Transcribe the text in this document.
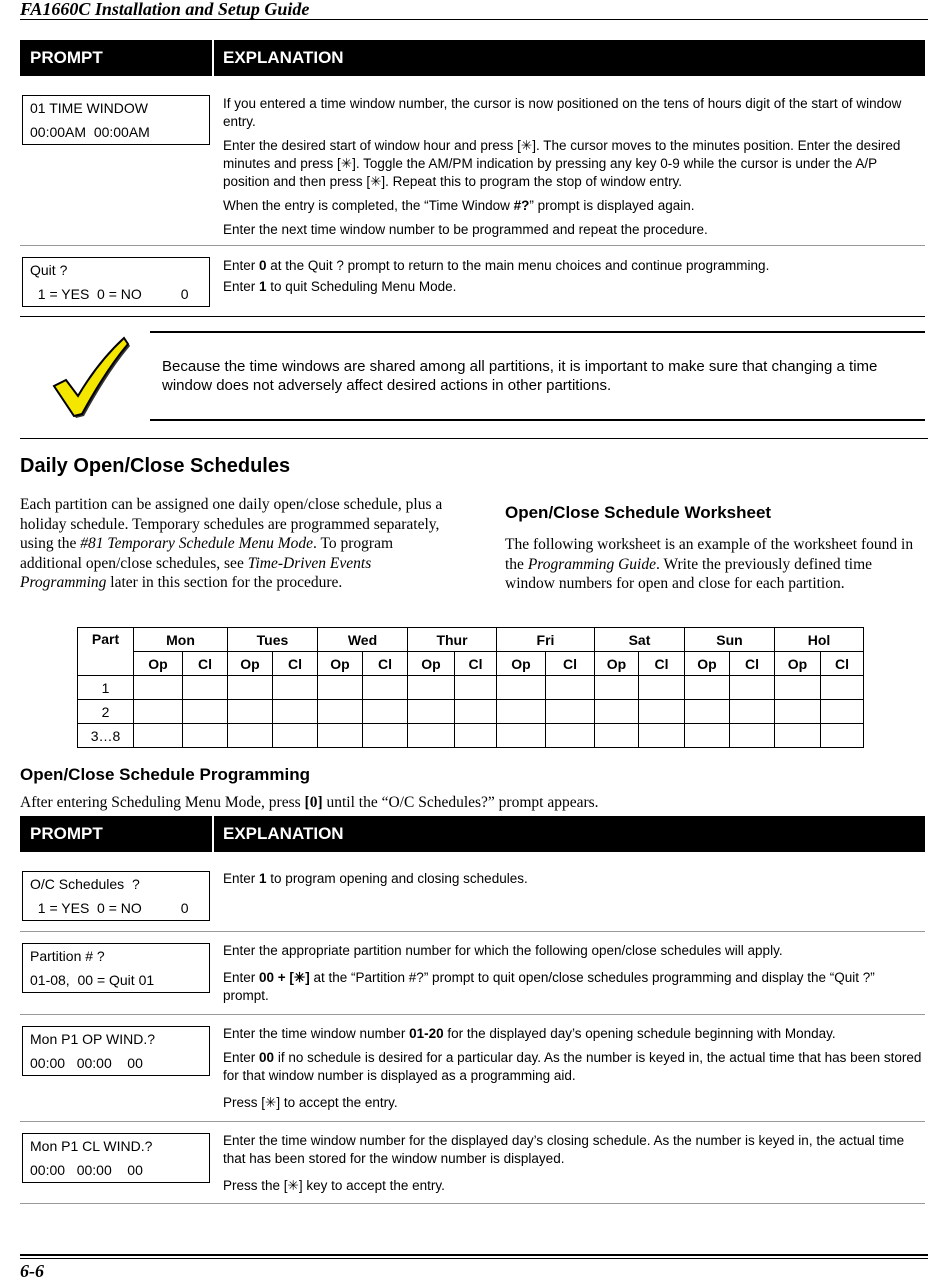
FA1660C Installation and Setup Guide
PROMPT	EXPLANATION
01 TIME WINDOW
00:00AM  00:00AM

If you entered a time window number, the cursor is now positioned on the tens of hours digit of the start of window entry.

Enter the desired start of window hour and press [✳]. The cursor moves to the minutes position. Enter the desired minutes and press [✳]. Toggle the AM/PM indication by pressing any key 0-9 while the cursor is under the A/P position and then press [✳]. Repeat this to program the stop of window entry.

When the entry is completed, the “Time Window #?” prompt is displayed again.

Enter the next time window number to be programmed and repeat the procedure.

Quit ?
1 = YES  0 = NO          0

Enter 0 at the Quit ? prompt to return to the main menu choices and continue programming.

Enter 1 to quit Scheduling Menu Mode.

Because the time windows are shared among all partitions, it is important to make sure that changing a time window does not adversely affect desired actions in other partitions.
Daily Open/Close Schedules
Each partition can be assigned one daily open/close schedule, plus a holiday schedule. Temporary schedules are programmed separately, using the #81 Temporary Schedule Menu Mode. To program additional open/close schedules, see Time-Driven Events Programming later in this section for the procedure.
Open/Close Schedule Worksheet
The following worksheet is an example of the worksheet found in the Programming Guide. Write the previously defined time window numbers for open and close for each partition.
Part	Mon		Tues		Wed		Thur		Fri		Sat		Sun		Hol	
	Op	Cl	Op	Cl	Op	Cl	Op	Cl	Op	Cl	Op	Cl	Op	Cl	Op	Cl
1																
2																
3…8																
Open/Close Schedule Programming
After entering Scheduling Menu Mode, press [0] until the “O/C Schedules?” prompt appears.
PROMPT	EXPLANATION
O/C Schedules  ?
1 = YES  0 = NO          0

Enter 1 to program opening and closing schedules.

Partition # ?
01-08,  00 = Quit 01

Enter the appropriate partition number for which the following open/close schedules will apply.

Enter 00 + [✳] at the “Partition #?” prompt to quit open/close schedules programming and display the “Quit ?” prompt.

Mon P1 OP WIND.?
00:00   00:00    00

Enter the time window number 01-20 for the displayed day’s opening schedule beginning with Monday.

Enter 00 if no schedule is desired for a particular day. As the number is keyed in, the actual time that has been stored for that window number is displayed as a programming aid.

Press [✳] to accept the entry.

Mon P1 CL WIND.?
00:00   00:00    00

Enter the time window number for the displayed day’s closing schedule. As the number is keyed in, the actual time that has been stored for the window number is displayed.

Press the [✳] key to accept the entry.

6-6
